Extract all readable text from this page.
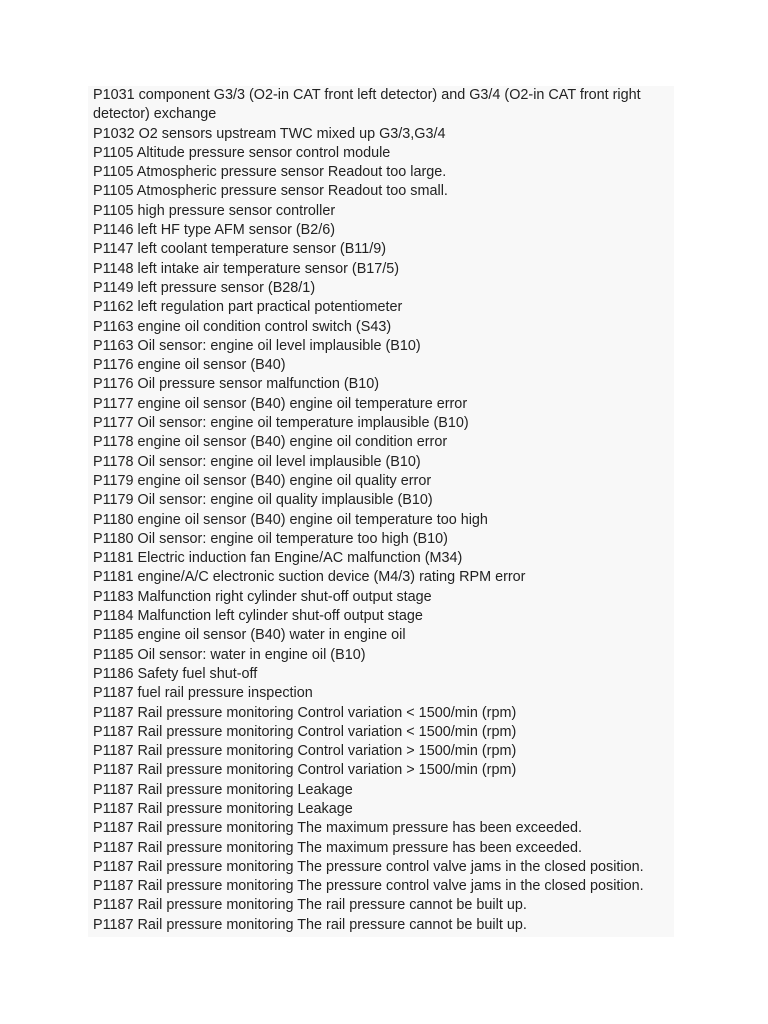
P1031 component G3/3 (O2-in CAT front left detector) and G3/4 (O2-in CAT front right detector) exchange
P1032 O2 sensors upstream TWC mixed up G3/3,G3/4
P1105 Altitude pressure sensor control module
P1105 Atmospheric pressure sensor Readout too large.
P1105 Atmospheric pressure sensor Readout too small.
P1105 high pressure sensor controller
P1146 left HF type AFM sensor (B2/6)
P1147 left coolant temperature sensor (B11/9)
P1148 left intake air temperature sensor (B17/5)
P1149 left pressure sensor (B28/1)
P1162 left regulation part practical potentiometer
P1163 engine oil condition control switch (S43)
P1163 Oil sensor: engine oil level implausible (B10)
P1176 engine oil sensor (B40)
P1176 Oil pressure sensor malfunction (B10)
P1177 engine oil sensor (B40) engine oil temperature error
P1177 Oil sensor: engine oil temperature implausible (B10)
P1178 engine oil sensor (B40) engine oil condition error
P1178 Oil sensor: engine oil level implausible (B10)
P1179 engine oil sensor (B40) engine oil quality error
P1179 Oil sensor: engine oil quality implausible (B10)
P1180 engine oil sensor (B40) engine oil temperature too high
P1180 Oil sensor: engine oil temperature too high (B10)
P1181 Electric induction fan Engine/AC malfunction (M34)
P1181 engine/A/C electronic suction device (M4/3) rating RPM error
P1183 Malfunction right cylinder shut-off output stage
P1184 Malfunction left cylinder shut-off output stage
P1185 engine oil sensor (B40) water in engine oil
P1185 Oil sensor: water in engine oil (B10)
P1186 Safety fuel shut-off
P1187 fuel rail pressure inspection
P1187 Rail pressure monitoring Control variation < 1500/min (rpm)
P1187 Rail pressure monitoring Control variation < 1500/min (rpm)
P1187 Rail pressure monitoring Control variation > 1500/min (rpm)
P1187 Rail pressure monitoring Control variation > 1500/min (rpm)
P1187 Rail pressure monitoring Leakage
P1187 Rail pressure monitoring Leakage
P1187 Rail pressure monitoring The maximum pressure has been exceeded.
P1187 Rail pressure monitoring The maximum pressure has been exceeded.
P1187 Rail pressure monitoring The pressure control valve jams in the closed position.
P1187 Rail pressure monitoring The pressure control valve jams in the closed position.
P1187 Rail pressure monitoring The rail pressure cannot be built up.
P1187 Rail pressure monitoring The rail pressure cannot be built up.
